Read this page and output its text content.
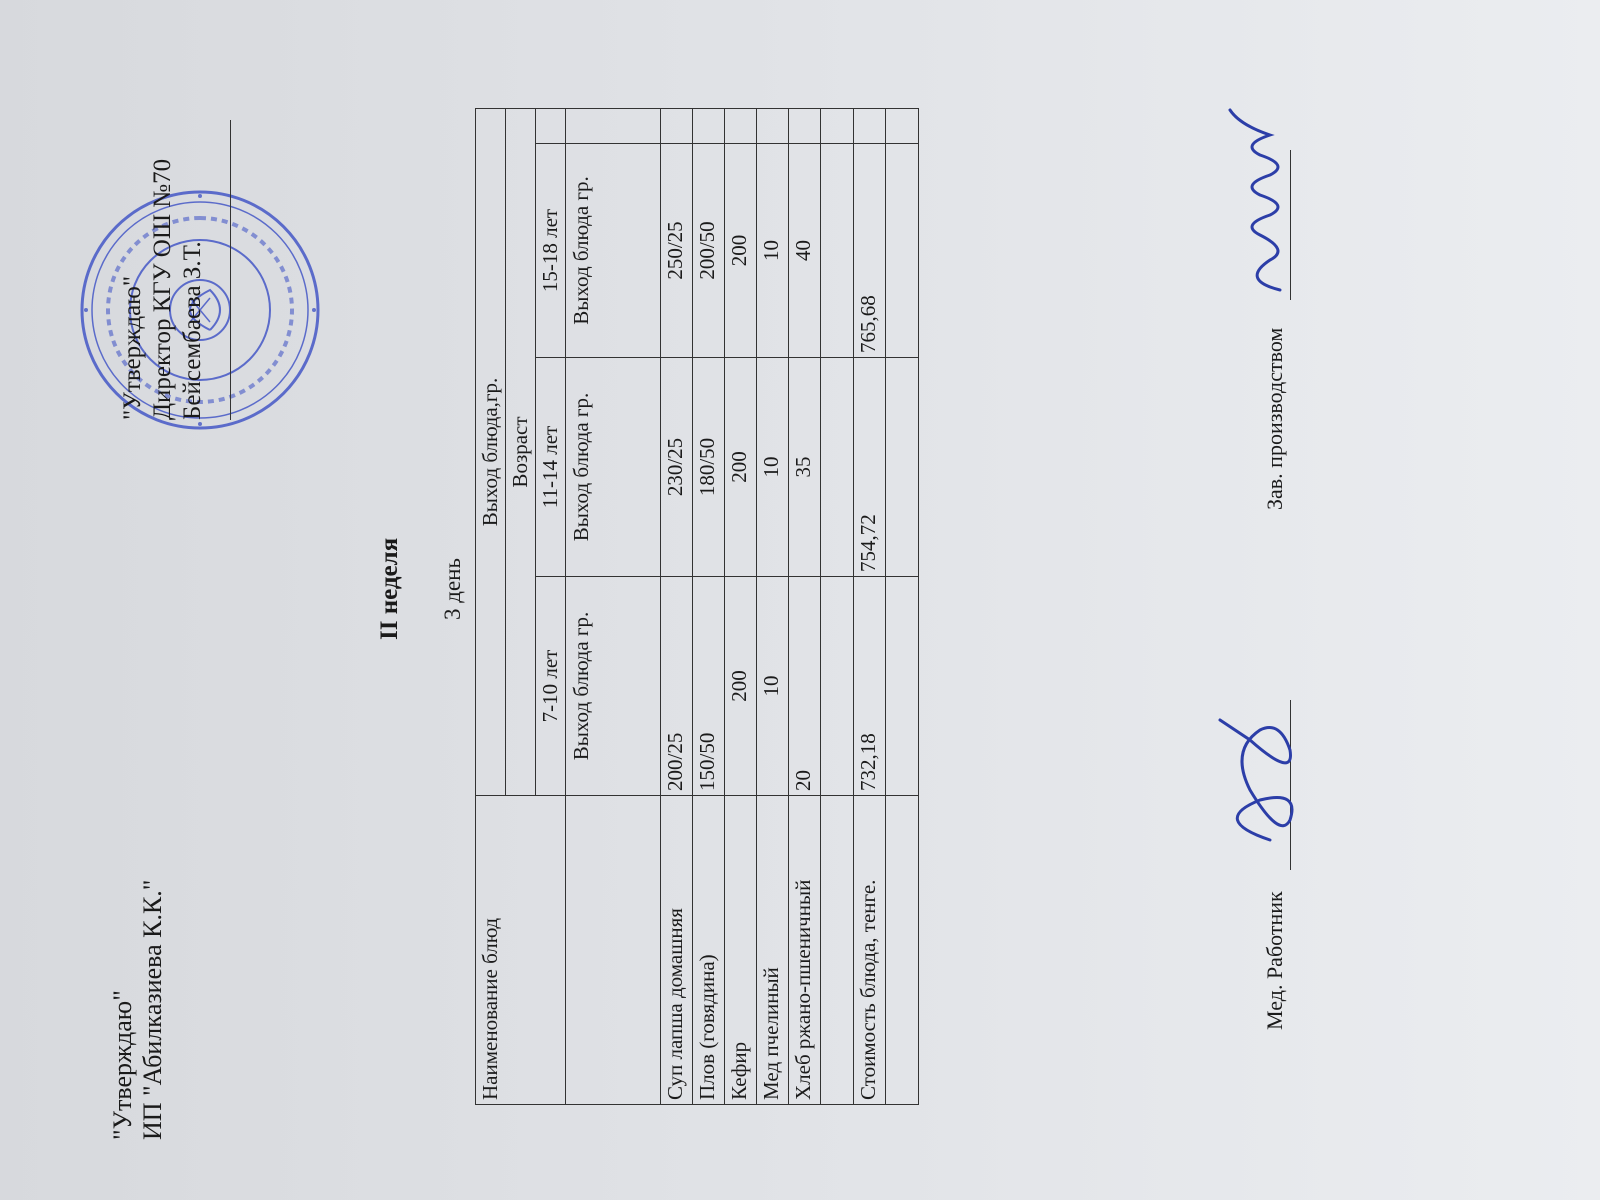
"Утверждаю" ИП "Абилкaзиева К.К."
"Утверждаю" Директор КГУ ОШ №70 Бейсембаева З.Т.
II неделя 3 день
Наименование блюд	Выход блюда,гр.			
	Возраст			
	7-10 лет	11-14 лет	15-18 лет	
	Выход блюда гр.	Выход блюда гр.	Выход блюда гр.	
Суп лапша домашняя	200/25	230/25	250/25	
Плов (говядина)	150/50	180/50	200/50	
Кефир	200	200	200	
Мед пчелиный	10	10	10	
Хлеб ржано-пшеничный	20	35	40	

Стоимость блюда, тенге.	732,18	754,72	765,68	

Мед. Работник
Зав. производством
